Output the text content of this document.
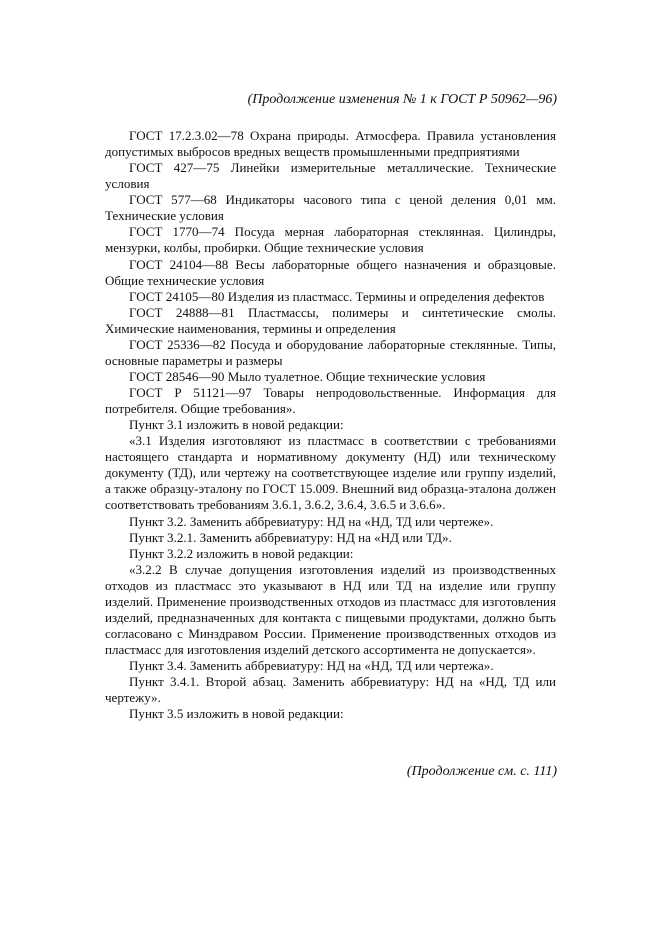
(Продолжение изменения № 1 к ГОСТ Р 50962—96)

ГОСТ 17.2.3.02—78 Охрана природы. Атмосфера. Правила установления допустимых выбросов вредных веществ промышленными предприятиями

ГОСТ 427—75 Линейки измерительные металлические. Технические условия

ГОСТ 577—68 Индикаторы часового типа с ценой деления 0,01 мм. Технические условия

ГОСТ 1770—74 Посуда мерная лабораторная стеклянная. Цилиндры, мензурки, колбы, пробирки. Общие технические условия

ГОСТ 24104—88 Весы лабораторные общего назначения и образцовые. Общие технические условия

ГОСТ 24105—80 Изделия из пластмасс. Термины и определения дефектов

ГОСТ 24888—81 Пластмассы, полимеры и синтетические смолы. Химические наименования, термины и определения

ГОСТ 25336—82 Посуда и оборудование лабораторные стеклянные. Типы, основные параметры и размеры

ГОСТ 28546—90 Мыло туалетное. Общие технические условия

ГОСТ Р 51121—97 Товары непродовольственные. Информация для потребителя. Общие требования».

Пункт 3.1 изложить в новой редакции:

«3.1 Изделия изготовляют из пластмасс в соответствии с требованиями настоящего стандарта и нормативному документу (НД) или техническому документу (ТД), или чертежу на соответствующее изделие или группу изделий, а также образцу-эталону по ГОСТ 15.009. Внешний вид образца-эталона должен соответствовать требованиям 3.6.1, 3.6.2, 3.6.4, 3.6.5 и 3.6.6».

Пункт 3.2. Заменить аббревиатуру: НД на «НД, ТД или чертеже».

Пункт 3.2.1. Заменить аббревиатуру: НД на «НД или ТД».

Пункт 3.2.2 изложить в новой редакции:

«3.2.2 В случае допущения изготовления изделий из производственных отходов из пластмасс это указывают в НД или ТД на изделие или группу изделий. Применение производственных отходов из пластмасс для изготовления изделий, предназначенных для контакта с пищевыми продуктами, должно быть согласовано с Минздравом России. Применение производственных отходов из пластмасс для изготовления изделий детского ассортимента не допускается».

Пункт 3.4. Заменить аббревиатуру: НД на «НД, ТД или чертежа».

Пункт 3.4.1. Второй абзац. Заменить аббревиатуру: НД на «НД, ТД или чертежу».

Пункт 3.5 изложить в новой редакции:

(Продолжение см. с. 111)
